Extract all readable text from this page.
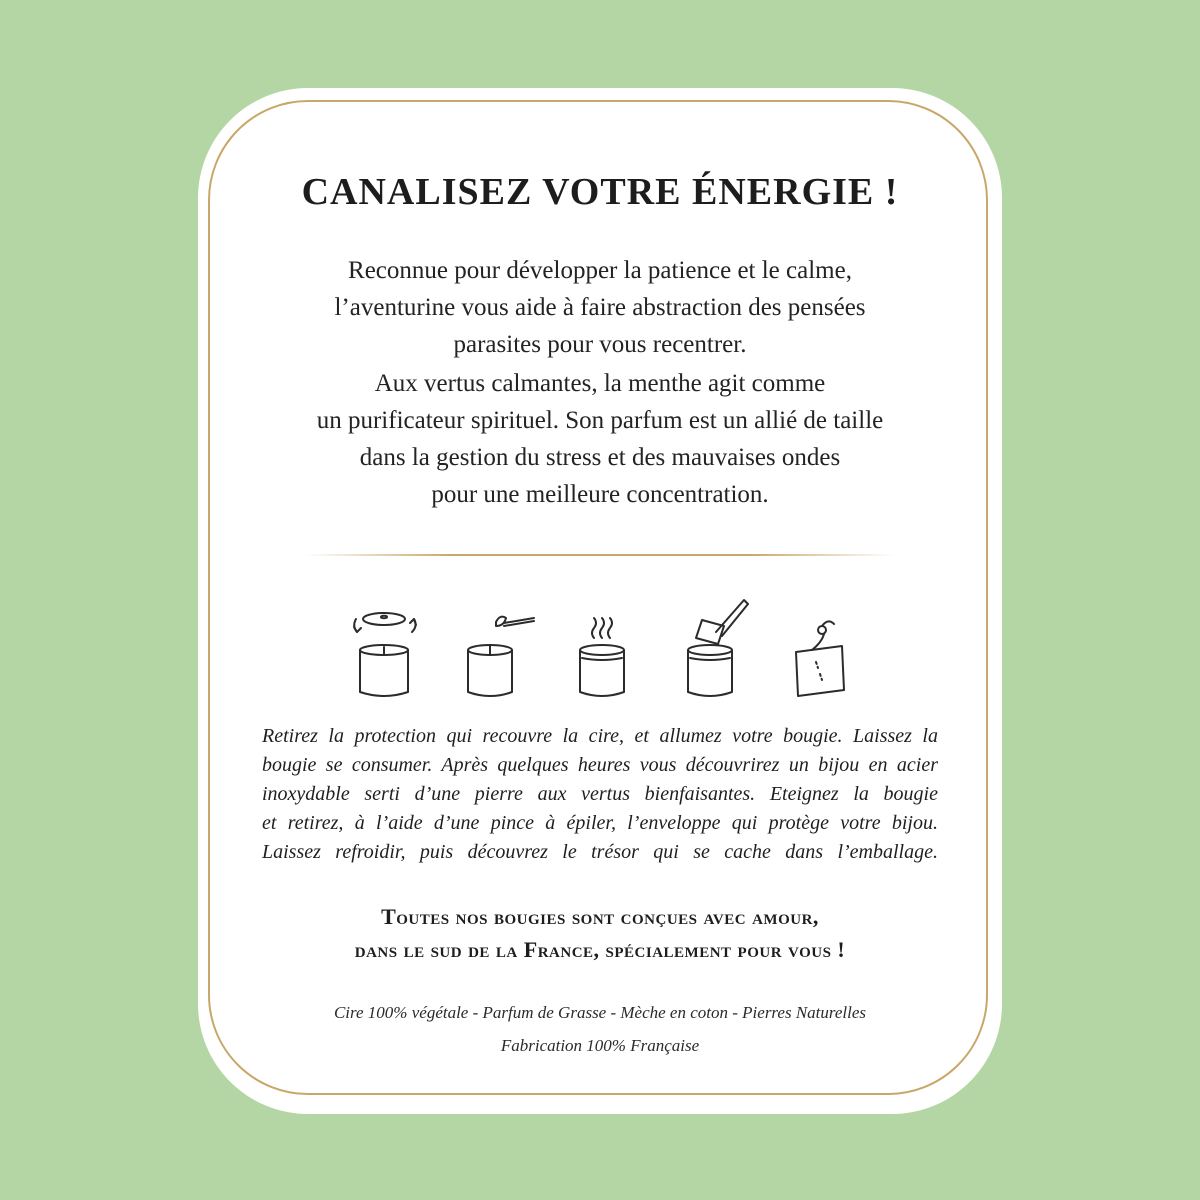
CANALISEZ VOTRE ÉNERGIE !

Reconnue pour développer la patience et le calme,
l’aventurine vous aide à faire abstraction des pensées
parasites pour vous recentrer.

Aux vertus calmantes, la menthe agit comme
un purificateur spirituel. Son parfum est un allié de taille
dans la gestion du stress et des mauvaises ondes
pour une meilleure concentration.

Retirez la protection qui recouvre la cire, et allumez votre bougie. Laissez la
bougie se consumer. Après quelques heures vous découvrirez un bijou en acier
inoxydable serti d’une pierre aux vertus bienfaisantes. Eteignez la bougie
et retirez, à l’aide d’une pince à épiler, l’enveloppe qui protège votre bijou.
Laissez refroidir, puis découvrez le trésor qui se cache dans l’emballage.

Toutes nos bougies sont conçues avec amour,
dans le sud de la France, spécialement pour vous !

Cire 100% végétale - Parfum de Grasse - Mèche en coton - Pierres Naturelles
Fabrication 100% Française
